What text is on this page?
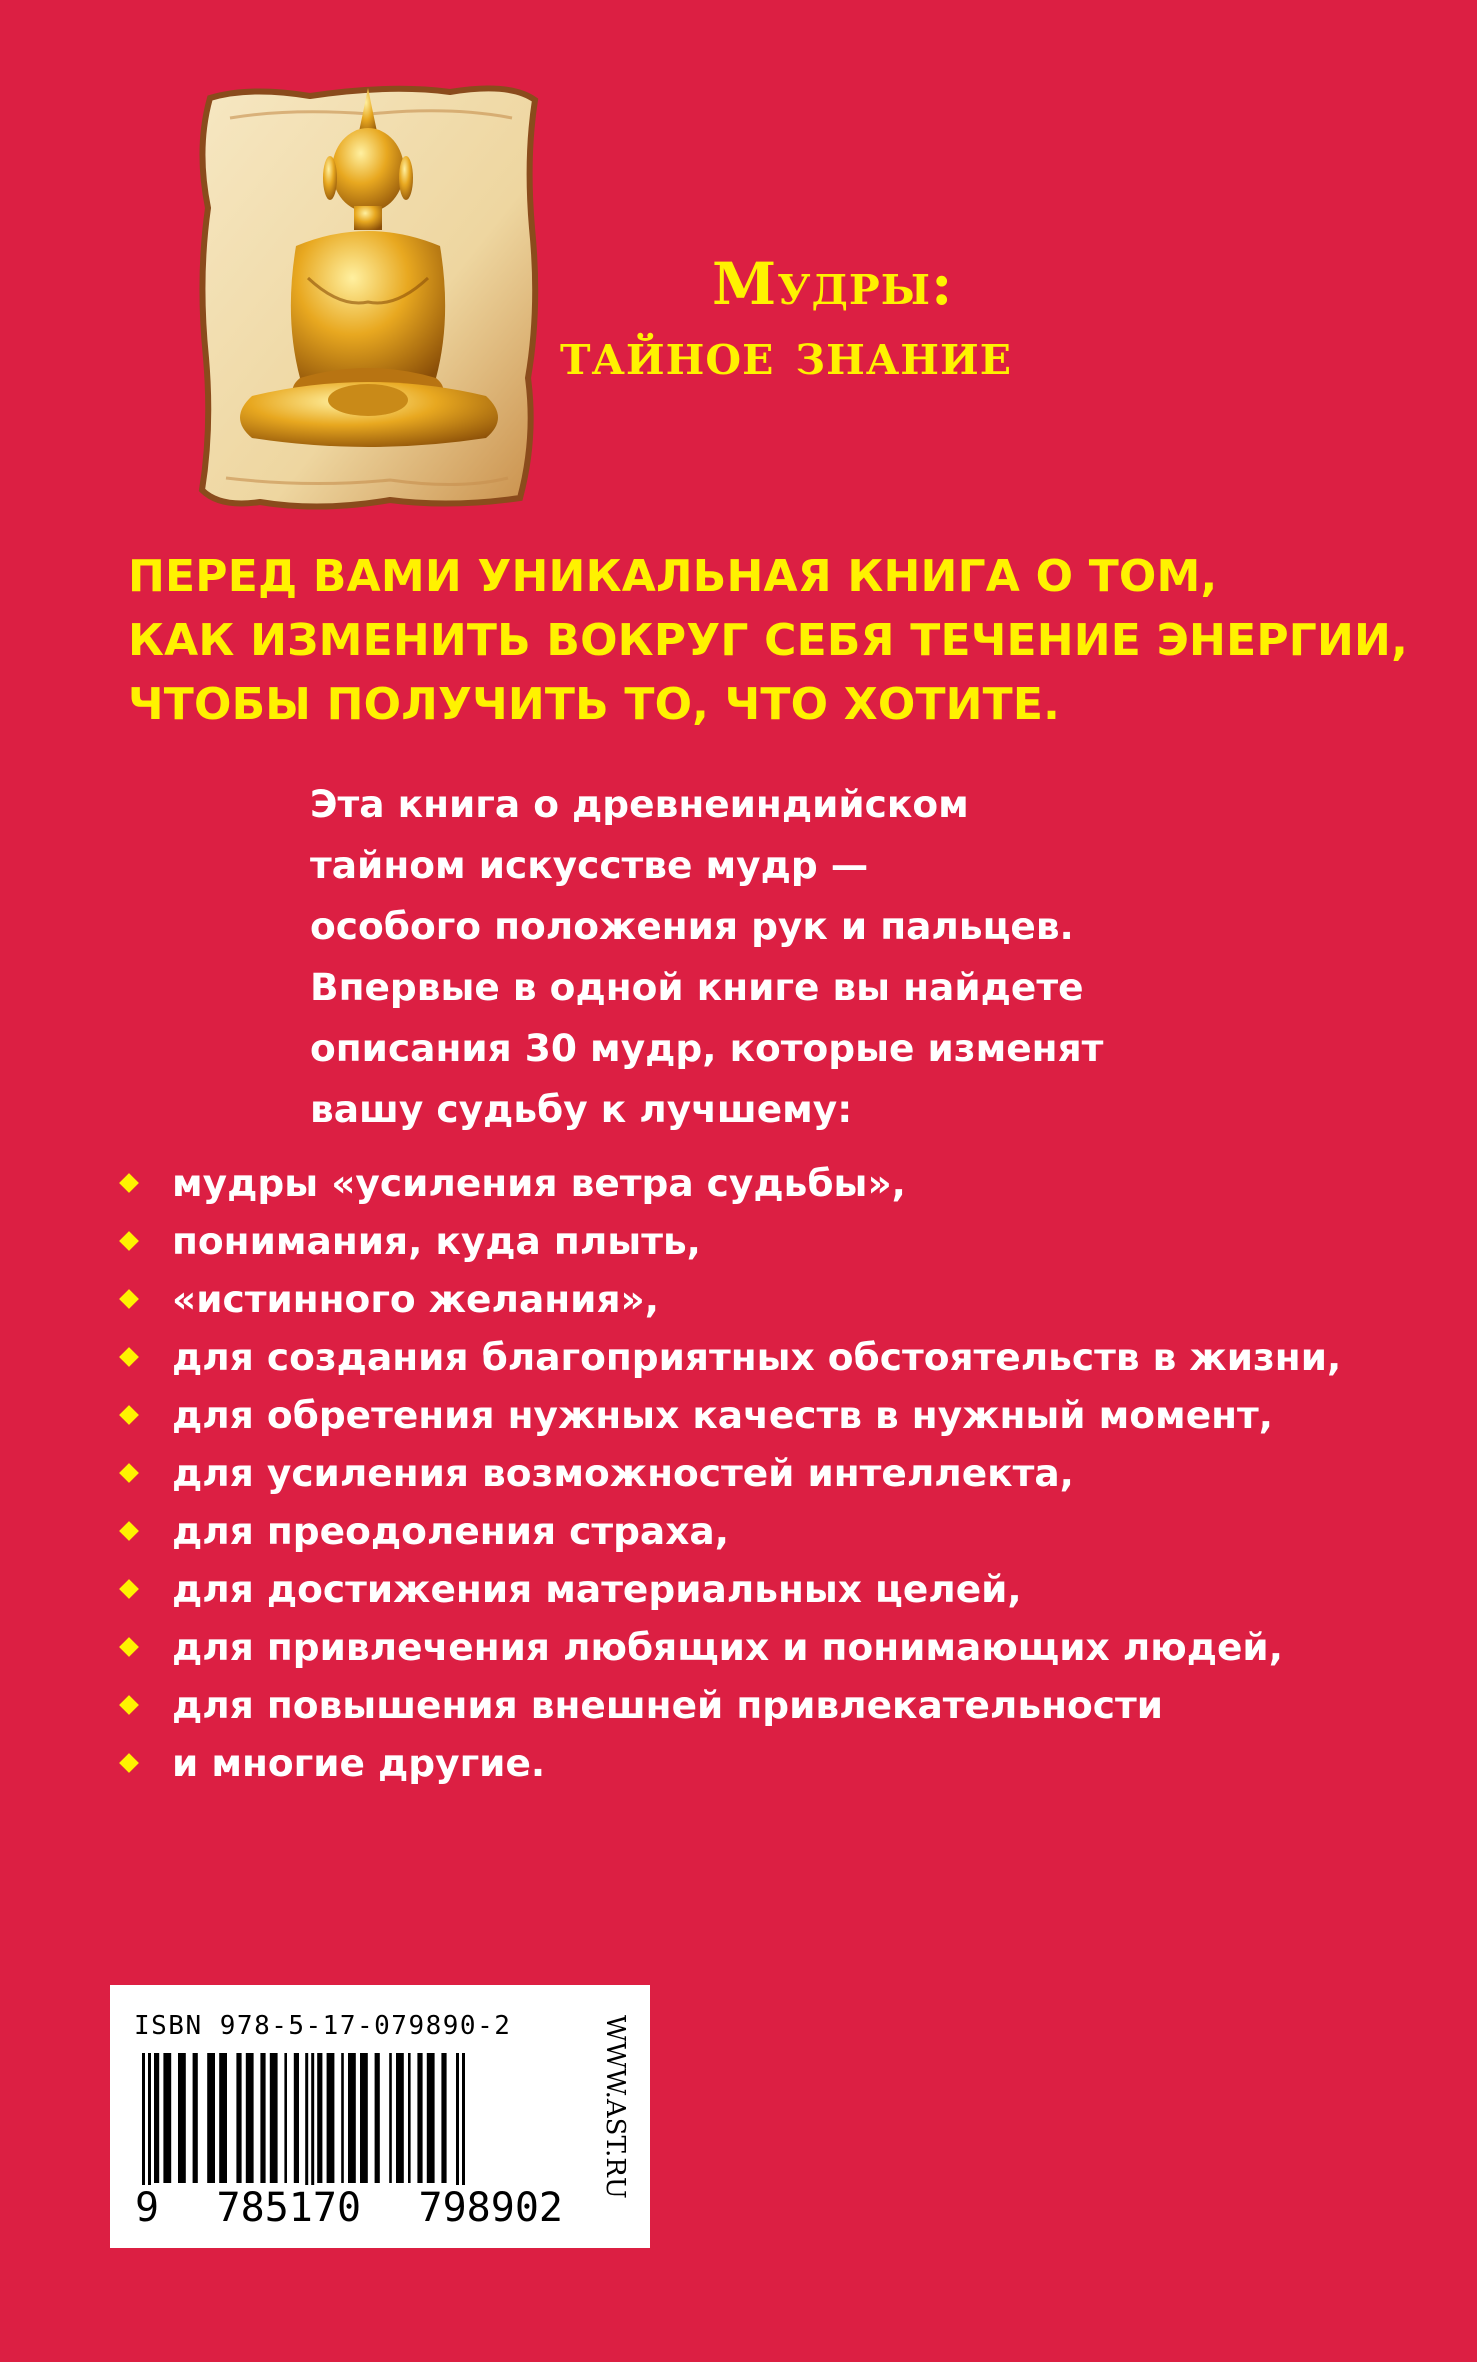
Мудры:
тайное знание
ПЕРЕД ВАМИ УНИКАЛЬНАЯ КНИГА О ТОМ,
КАК ИЗМЕНИТЬ ВОКРУГ СЕБЯ ТЕЧЕНИЕ ЭНЕРГИИ,
ЧТОБЫ ПОЛУЧИТЬ ТО, ЧТО ХОТИТЕ.
Эта книга о древнеиндийском
тайном искусстве мудр —
особого положения рук и пальцев.
Впервые в одной книге вы найдете
описания 30 мудр, которые изменят
вашу судьбу к лучшему:
мудры «усиления ветра судьбы»,
понимания, куда плыть,
«истинного желания»,
для создания благоприятных обстоятельств в жизни,
для обретения нужных качеств в нужный момент,
для усиления возможностей интеллекта,
для преодоления страха,
для достижения материальных целей,
для привлечения любящих и понимающих людей,
для повышения внешней привлекательности
и многие другие.
ISBN 978-5-17-079890-2
9 785170 798902
WWW.AST.RU
